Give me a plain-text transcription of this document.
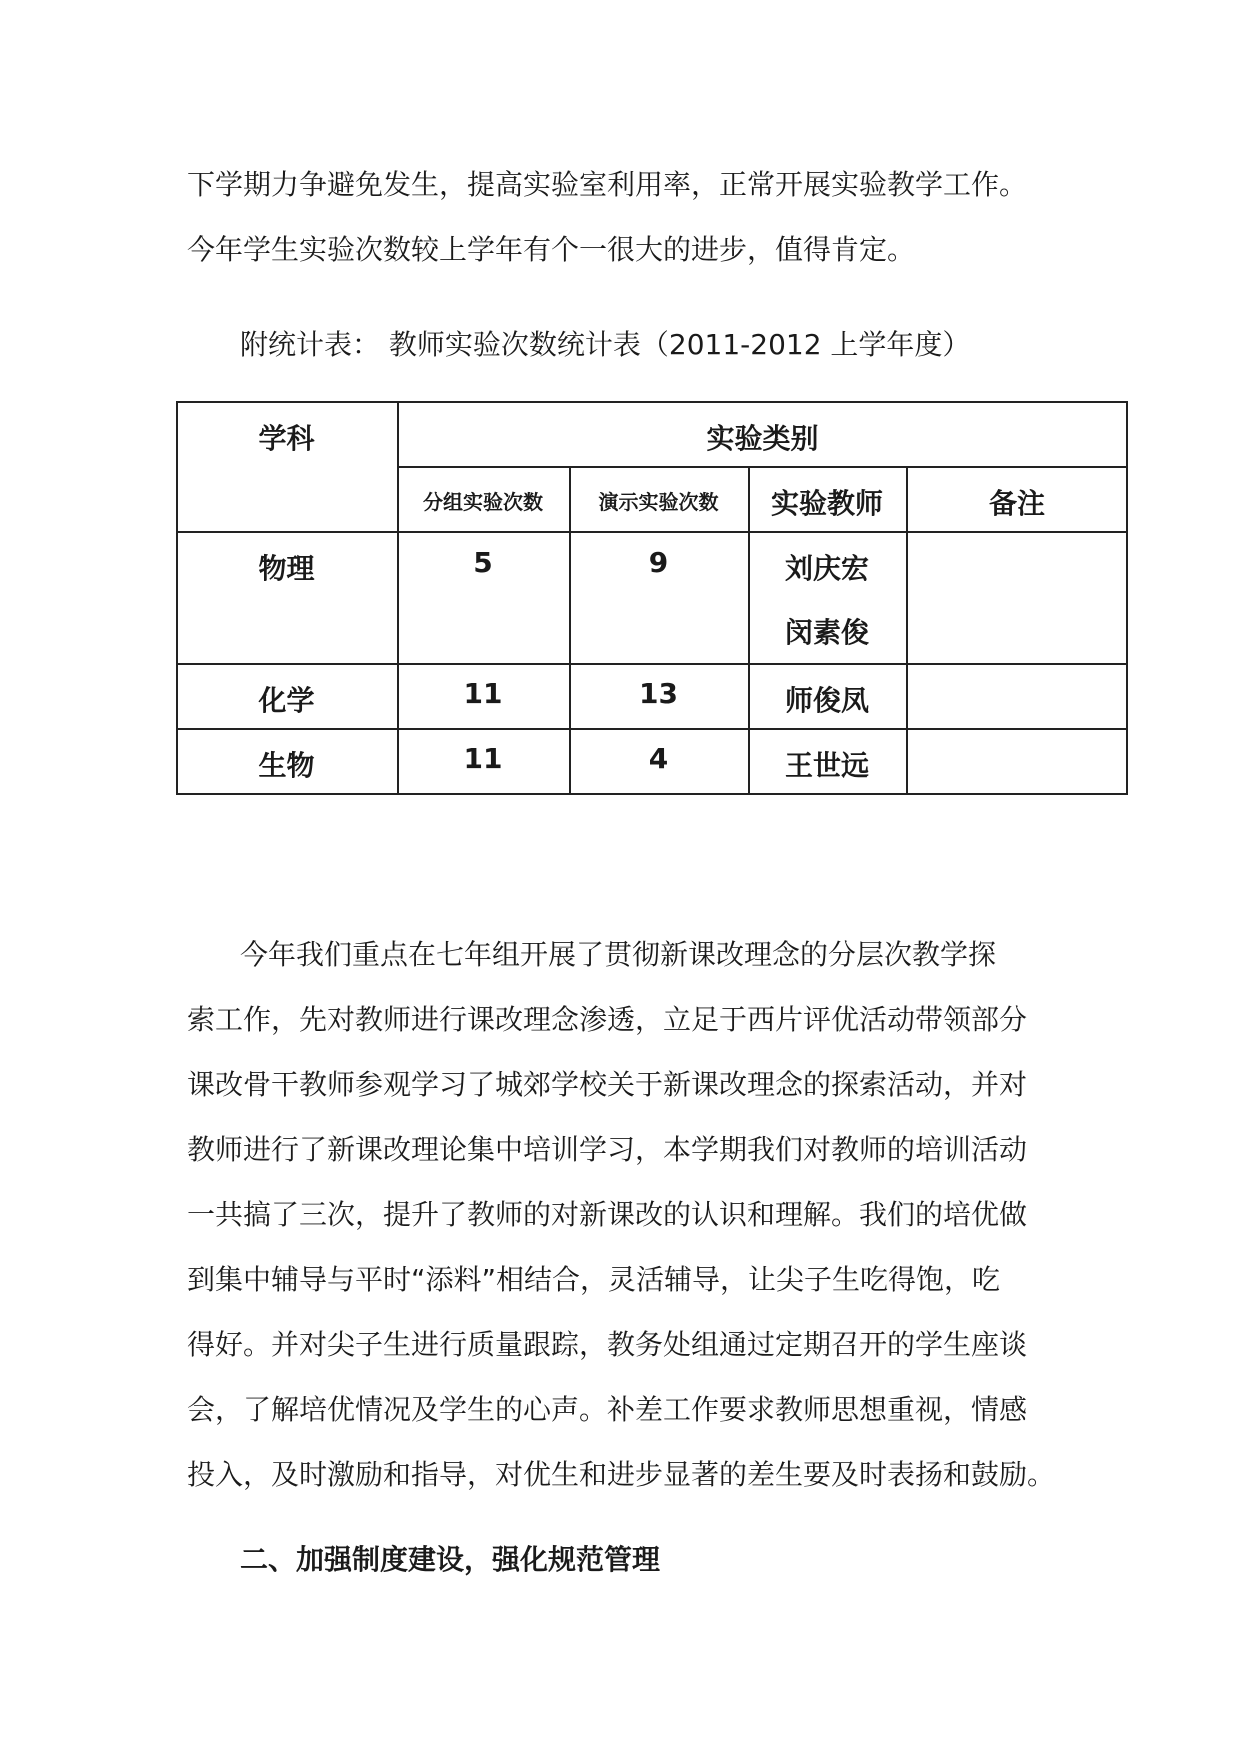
下学期力争避免发生，提高实验室利用率，正常开展实验教学工作。
今年学生实验次数较上学年有个一很大的进步，值得肯定。
附统计表： 教师实验次数统计表（2011-2012 上学年度）
学科	实验类别
分组实验次数	演示实验次数	实验教师	备注
物理	5	9	刘庆宏
闵素俊
化学	11	13	师俊凤
生物	11	4	王世远
今年我们重点在七年组开展了贯彻新课改理念的分层次教学探
索工作，先对教师进行课改理念渗透，立足于西片评优活动带领部分
课改骨干教师参观学习了城郊学校关于新课改理念的探索活动，并对
教师进行了新课改理论集中培训学习，本学期我们对教师的培训活动
一共搞了三次，提升了教师的对新课改的认识和理解。我们的培优做
到集中辅导与平时“添料”相结合，灵活辅导，让尖子生吃得饱，吃
得好。并对尖子生进行质量跟踪，教务处组通过定期召开的学生座谈
会，了解培优情况及学生的心声。补差工作要求教师思想重视，情感
投入，及时激励和指导，对优生和进步显著的差生要及时表扬和鼓励。
二、加强制度建设，强化规范管理
